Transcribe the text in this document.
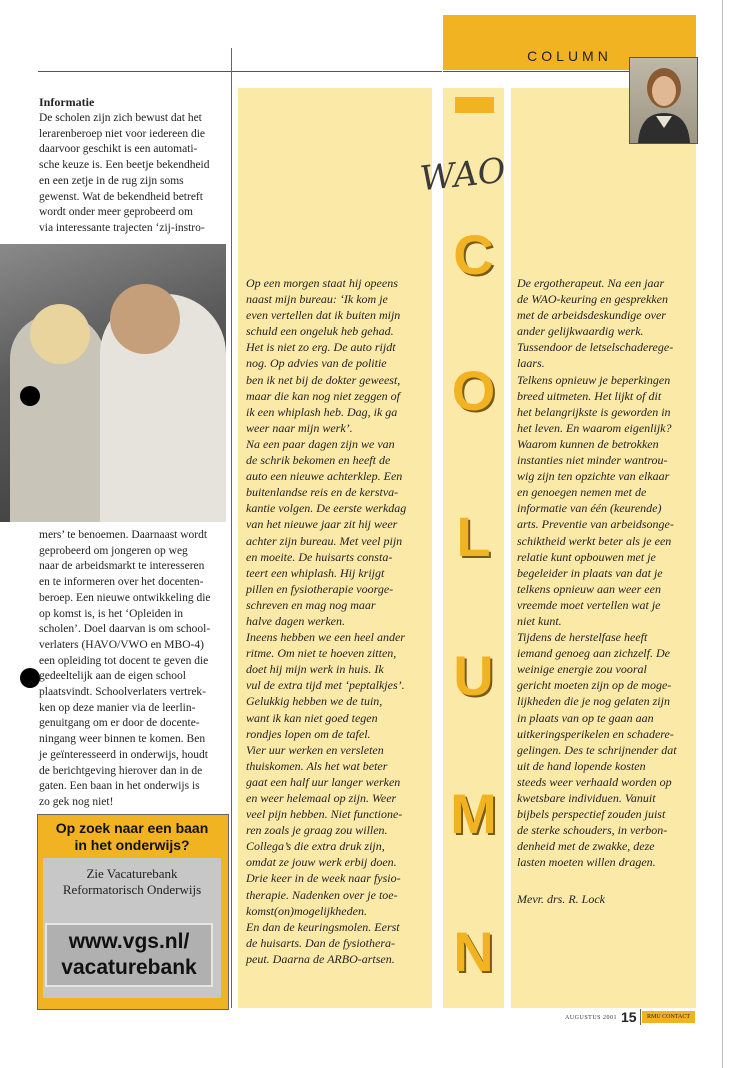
COLUMN
WAO
C
O
L
U
M
N
Informatie
De scholen zijn zich bewust dat het
lerarenberoep niet voor iedereen die
daarvoor geschikt is een automati-
sche keuze is. Een beetje bekendheid
en een zetje in de rug zijn soms
gewenst. Wat de bekendheid betreft
wordt onder meer geprobeerd om
via interessante trajecten ‘zij-instro-
mers’ te benoemen. Daarnaast wordt
geprobeerd om jongeren op weg
naar de arbeidsmarkt te interesseren
en te informeren over het docenten-
beroep. Een nieuwe ontwikkeling die
op komst is, is het ‘Opleiden in
scholen’. Doel daarvan is om school-
verlaters (HAVO/VWO en MBO-4)
een opleiding tot docent te geven die
gedeeltelijk aan de eigen school
plaatsvindt. Schoolverlaters vertrek-
ken op deze manier via de leerlin-
genuitgang om er door de docente-
ningang weer binnen te komen. Ben
je geïnteresseerd in onderwijs, houdt
de berichtgeving hierover dan in de
gaten. Een baan in het onderwijs is
zo gek nog niet!
Op zoek naar een baan
in het onderwijs?
Zie Vacaturebank
Reformatorisch Onderwijs
www.vgs.nl/
vacaturebank
Op een morgen staat hij opeens
naast mijn bureau: ‘Ik kom je
even vertellen dat ik buiten mijn
schuld een ongeluk heb gehad.
Het is niet zo erg. De auto rijdt
nog. Op advies van de politie
ben ik net bij de dokter geweest,
maar die kan nog niet zeggen of
ik een whiplash heb. Dag, ik ga
weer naar mijn werk’.
Na een paar dagen zijn we van
de schrik bekomen en heeft de
auto een nieuwe achterklep. Een
buitenlandse reis en de kerstva-
kantie volgen. De eerste werkdag
van het nieuwe jaar zit hij weer
achter zijn bureau. Met veel pijn
en moeite. De huisarts consta-
teert een whiplash. Hij krijgt
pillen en fysiotherapie voorge-
schreven en mag nog maar
halve dagen werken.
Ineens hebben we een heel ander
ritme. Om niet te hoeven zitten,
doet hij mijn werk in huis. Ik
vul de extra tijd met ‘peptalkjes’.
Gelukkig hebben we de tuin,
want ik kan niet goed tegen
rondjes lopen om de tafel.
Vier uur werken en versleten
thuiskomen. Als het wat beter
gaat een half uur langer werken
en weer helemaal op zijn. Weer
veel pijn hebben. Niet functione-
ren zoals je graag zou willen.
Collega’s die extra druk zijn,
omdat ze jouw werk erbij doen.
Drie keer in de week naar fysio-
therapie. Nadenken over je toe-
komst(on)mogelijkheden.
En dan de keuringsmolen. Eerst
de huisarts. Dan de fysiothera-
peut. Daarna de ARBO-artsen.
De ergotherapeut. Na een jaar
de WAO-keuring en gesprekken
met de arbeidsdeskundige over
ander gelijkwaardig werk.
Tussendoor de letselschaderege-
laars.
Telkens opnieuw je beperkingen
breed uitmeten. Het lijkt of dit
het belangrijkste is geworden in
het leven. En waarom eigenlijk?
Waarom kunnen de betrokken
instanties niet minder wantrou-
wig zijn ten opzichte van elkaar
en genoegen nemen met de
informatie van één (keurende)
arts. Preventie van arbeidsonge-
schiktheid werkt beter als je een
relatie kunt opbouwen met je
begeleider in plaats van dat je
telkens opnieuw aan weer een
vreemde moet vertellen wat je
niet kunt.
Tijdens de herstelfase heeft
iemand genoeg aan zichzelf. De
weinige energie zou vooral
gericht moeten zijn op de moge-
lijkheden die je nog gelaten zijn
in plaats van op te gaan aan
uitkeringsperikelen en schadere-
gelingen. Des te schrijnender dat
uit de hand lopende kosten
steeds weer verhaald worden op
kwetsbare individuen. Vanuit
bijbels perspectief zouden juist
de sterke schouders, in verbon-
denheid met de zwakke, deze
lasten moeten willen dragen.
Mevr. drs. R. Lock
AUGUSTUS 2001 15	RMU CONTACT
